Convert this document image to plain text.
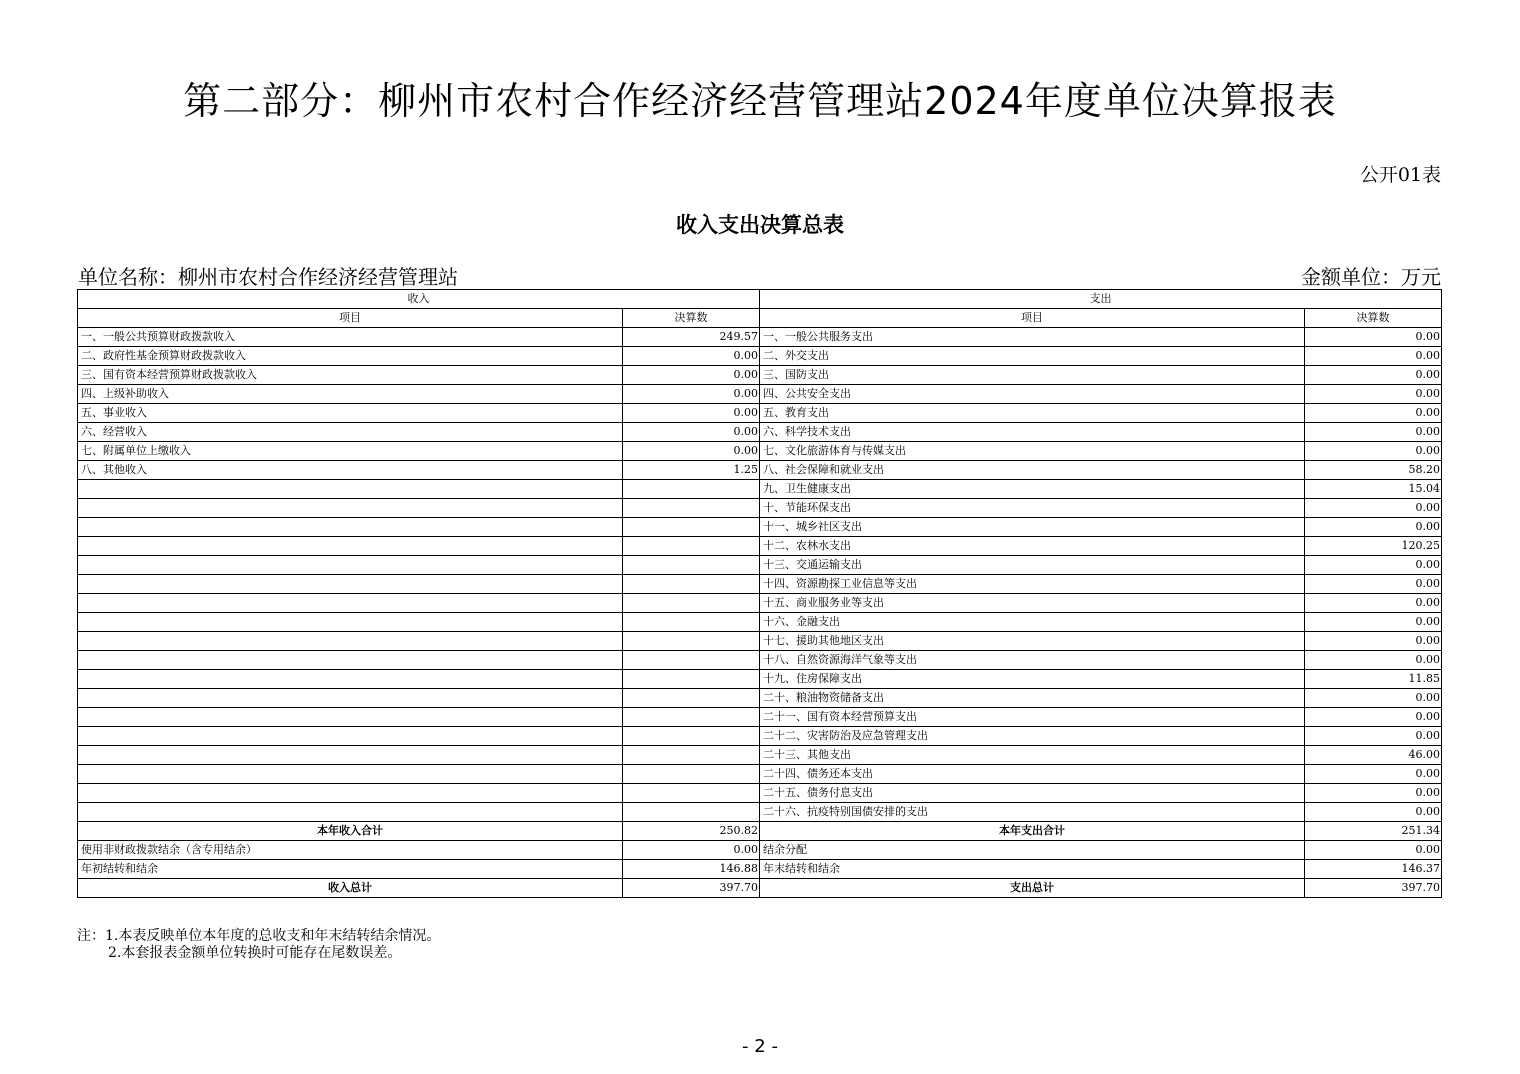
第二部分：柳州市农村合作经济经营管理站2024年度单位决算报表
公开01表
收入支出决算总表
单位名称：柳州市农村合作经济经营管理站	金额单位：万元
收入		支出	
项目	决算数	项目	决算数
一、一般公共预算财政拨款收入	249.57	一、一般公共服务支出	0.00
二、政府性基金预算财政拨款收入	0.00	二、外交支出	0.00
三、国有资本经营预算财政拨款收入	0.00	三、国防支出	0.00
四、上级补助收入	0.00	四、公共安全支出	0.00
五、事业收入	0.00	五、教育支出	0.00
六、经营收入	0.00	六、科学技术支出	0.00
七、附属单位上缴收入	0.00	七、文化旅游体育与传媒支出	0.00
八、其他收入	1.25	八、社会保障和就业支出	58.20
		九、卫生健康支出	15.04
		十、节能环保支出	0.00
		十一、城乡社区支出	0.00
		十二、农林水支出	120.25
		十三、交通运输支出	0.00
		十四、资源勘探工业信息等支出	0.00
		十五、商业服务业等支出	0.00
		十六、金融支出	0.00
		十七、援助其他地区支出	0.00
		十八、自然资源海洋气象等支出	0.00
		十九、住房保障支出	11.85
		二十、粮油物资储备支出	0.00
		二十一、国有资本经营预算支出	0.00
		二十二、灾害防治及应急管理支出	0.00
		二十三、其他支出	46.00
		二十四、债务还本支出	0.00
		二十五、债务付息支出	0.00
		二十六、抗疫特别国债安排的支出	0.00
本年收入合计	250.82	本年支出合计	251.34
使用非财政拨款结余（含专用结余）	0.00	结余分配	0.00
年初结转和结余	146.88	年末结转和结余	146.37
收入总计	397.70	支出总计	397.70
注：1.本表反映单位本年度的总收支和年末结转结余情况。
2.本套报表金额单位转换时可能存在尾数误差。
- 2 -
